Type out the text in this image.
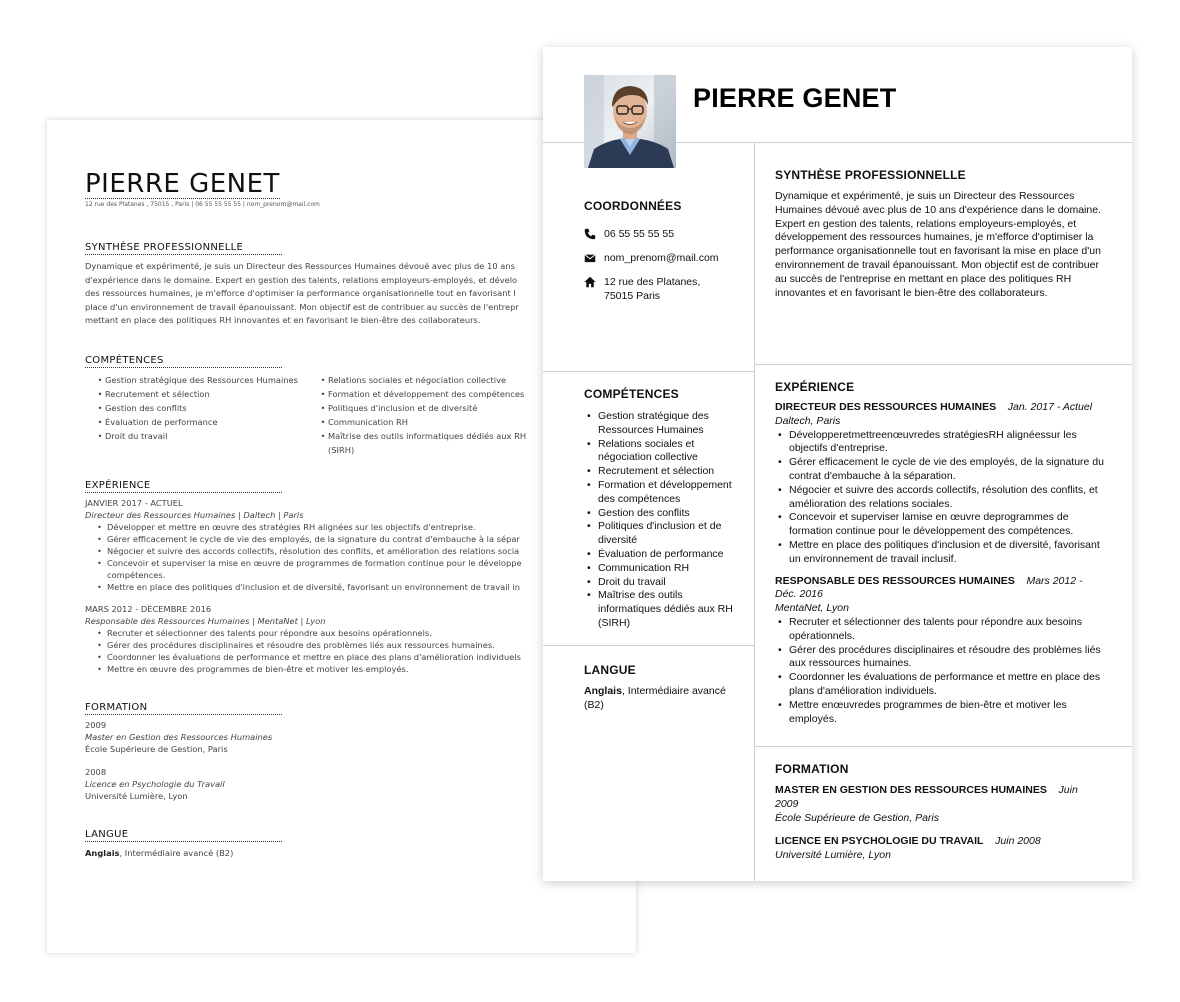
PIERRE GENET
12 rue des Platanes , 75015 , Paris | 06 55 55 55 55 | nom_prenom@mail.com
SYNTHÈSE PROFESSIONNELLE
Dynamique et expérimenté, je suis un Directeur des Ressources Humaines dévoué avec plus de 10 ans
d'expérience dans le domaine. Expert en gestion des talents, relations employeurs-employés, et dévelo
des ressources humaines, je m'efforce d'optimiser la performance organisationnelle tout en favorisant l
place d'un environnement de travail épanouissant. Mon objectif est de contribuer au succès de l'entrepr
mettant en place des politiques RH innovantes et en favorisant le bien-être des collaborateurs.
COMPÉTENCES
• Gestion stratégique des Ressources Humaines
• Recrutement et sélection
• Gestion des conflits
• Évaluation de performance
• Droit du travail
• Relations sociales et négociation collective
• Formation et développement des compétences
• Politiques d'inclusion et de diversité
• Communication RH
• Maîtrise des outils informatiques dédiés aux RH
(SIRH)
EXPÉRIENCE
JANVIER 2017 - ACTUEL
Directeur des Ressources Humaines | Daltech | Paris
• Développer et mettre en œuvre des stratégies RH alignées sur les objectifs d'entreprise.
• Gérer efficacement le cycle de vie des employés, de la signature du contrat d'embauche à la sépar
• Négocier et suivre des accords collectifs, résolution des conflits, et amélioration des relations socia
• Concevoir et superviser la mise en œuvre de programmes de formation continue pour le développe
compétences.
• Mettre en place des politiques d'inclusion et de diversité, favorisant un environnement de travail in
MARS 2012 - DÉCEMBRE 2016
Responsable des Ressources Humaines | MentaNet | Lyon
• Recruter et sélectionner des talents pour répondre aux besoins opérationnels.
• Gérer des procédures disciplinaires et résoudre des problèmes liés aux ressources humaines.
• Coordonner les évaluations de performance et mettre en place des plans d'amélioration individuels
• Mettre en œuvre des programmes de bien-être et motiver les employés.
FORMATION
2009
Master en Gestion des Ressources Humaines
École Supérieure de Gestion, Paris
2008
Licence en Psychologie du Travail
Université Lumière, Lyon
LANGUE
Anglais, Intermédiaire avancé (B2)
PIERRE GENET
COORDONNÉES
06 55 55 55 55
nom_prenom@mail.com
12 rue des Platanes,
75015 Paris
COMPÉTENCES
• Gestion stratégique des
Ressources Humaines
• Relations sociales et
négociation collective
• Recrutement et sélection
• Formation et développement
des compétences
• Gestion des conflits
• Politiques d'inclusion et de
diversité
• Évaluation de performance
• Communication RH
• Droit du travail
• Maîtrise des outils
informatiques dédiés aux RH
(SIRH)
LANGUE
Anglais, Intermédiaire avancé
(B2)
SYNTHÈSE PROFESSIONNELLE
Dynamique et expérimenté, je suis un Directeur des Ressources
Humaines dévoué avec plus de 10 ans d'expérience dans le domaine.
Expert en gestion des talents, relations employeurs-employés, et
développement des ressources humaines, je m'efforce d'optimiser la
performance organisationnelle tout en favorisant la mise en place d'un
environnement de travail épanouissant. Mon objectif est de contribuer
au succès de l'entreprise en mettant en place des politiques RH
innovantes et en favorisant le bien-être des collaborateurs.
EXPÉRIENCE
DIRECTEUR DES RESSOURCES HUMAINES Jan. 2017 - Actuel
Daltech, Paris
• Développeretmettreenœuvredes stratégiesRH alignéessur les
objectifs d'entreprise.
• Gérer efficacement le cycle de vie des employés, de la signature du
contrat d'embauche à la séparation.
• Négocier et suivre des accords collectifs, résolution des conflits, et
amélioration des relations sociales.
• Concevoir et superviser lamise en œuvre deprogrammes de
formation continue pour le développement des compétences.
• Mettre en place des politiques d'inclusion et de diversité, favorisant
un environnement de travail inclusif.
RESPONSABLE DES RESSOURCES HUMAINES Mars 2012 -
Déc. 2016
MentaNet, Lyon
• Recruter et sélectionner des talents pour répondre aux besoins
opérationnels.
• Gérer des procédures disciplinaires et résoudre des problèmes liés
aux ressources humaines.
• Coordonner les évaluations de performance et mettre en place des
plans d'amélioration individuels.
• Mettre enœuvredes programmes de bien-être et motiver les
employés.
FORMATION
MASTER EN GESTION DES RESSOURCES HUMAINES Juin
2009
École Supérieure de Gestion, Paris
LICENCE EN PSYCHOLOGIE DU TRAVAIL Juin 2008
Université Lumière, Lyon
